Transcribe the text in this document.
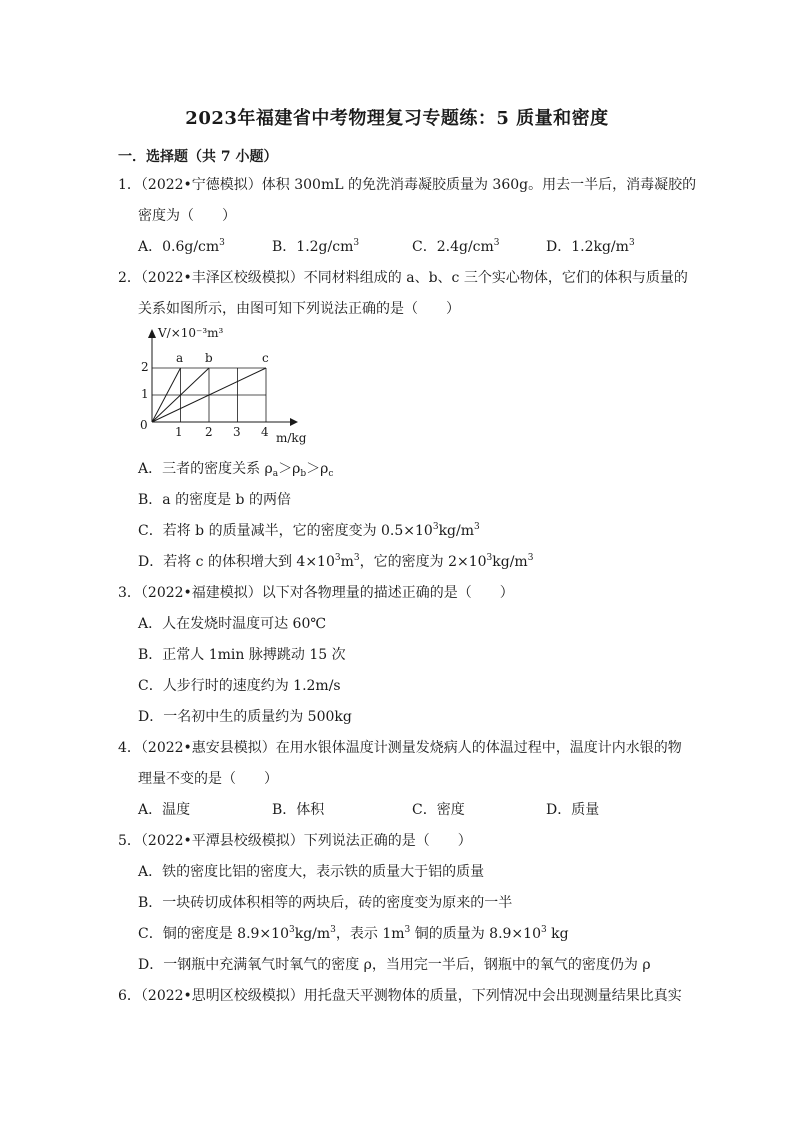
2023年福建省中考物理复习专题练：5 质量和密度
一．选择题（共 7 小题）
1．（2022•宁德模拟）体积 300mL 的免洗消毒凝胶质量为 360g。用去一半后，消毒凝胶的
密度为（　　）
A．$0.6g/cm^3$	B．$1.2g/cm^3$	C．$2.4g/cm^3$	D．$1.2kg/m^3$
2．（2022•丰泽区校级模拟）不同材料组成的 a、b、c 三个实心物体，它们的体积与质量的
关系如图所示，由图可知下列说法正确的是（　　）
V/×10⁻³m³
m/kg
0
1
2
1 2 3 4
a b	c
A．三者的密度关系 $\rho_a>\rho_b>\rho_c$
B．a 的密度是 b 的两倍
C．若将 b 的质量减半，它的密度变为 $0.5\times 10^3kg/m^3$
D．若将 c 的体积增大到 $4\times 10^3m^3$，它的密度为 $2\times 10^3kg/m^3$
3．（2022•福建模拟）以下对各物理量的描述正确的是（　　）
A．人在发烧时温度可达 60℃
B．正常人 1min 脉搏跳动 15 次
C．人步行时的速度约为 1.2m/s
D．一名初中生的质量约为 500kg
4．（2022•惠安县模拟）在用水银体温度计测量发烧病人的体温过程中，温度计内水银的物
理量不变的是（　　）
A．温度	B．体积	C．密度	D．质量
5．（2022•平潭县校级模拟）下列说法正确的是（　　）
A．铁的密度比铝的密度大，表示铁的质量大于铝的质量
B．一块砖切成体积相等的两块后，砖的密度变为原来的一半
C．铜的密度是 $8.9\times 10^3kg/m^3$，表示 $1m^3$ 铜的质量为 $8.9\times 10^3$ kg
D．一钢瓶中充满氧气时氧气的密度 ρ，当用完一半后，钢瓶中的氧气的密度仍为 ρ
6．（2022•思明区校级模拟）用托盘天平测物体的质量，下列情况中会出现测量结果比真实
